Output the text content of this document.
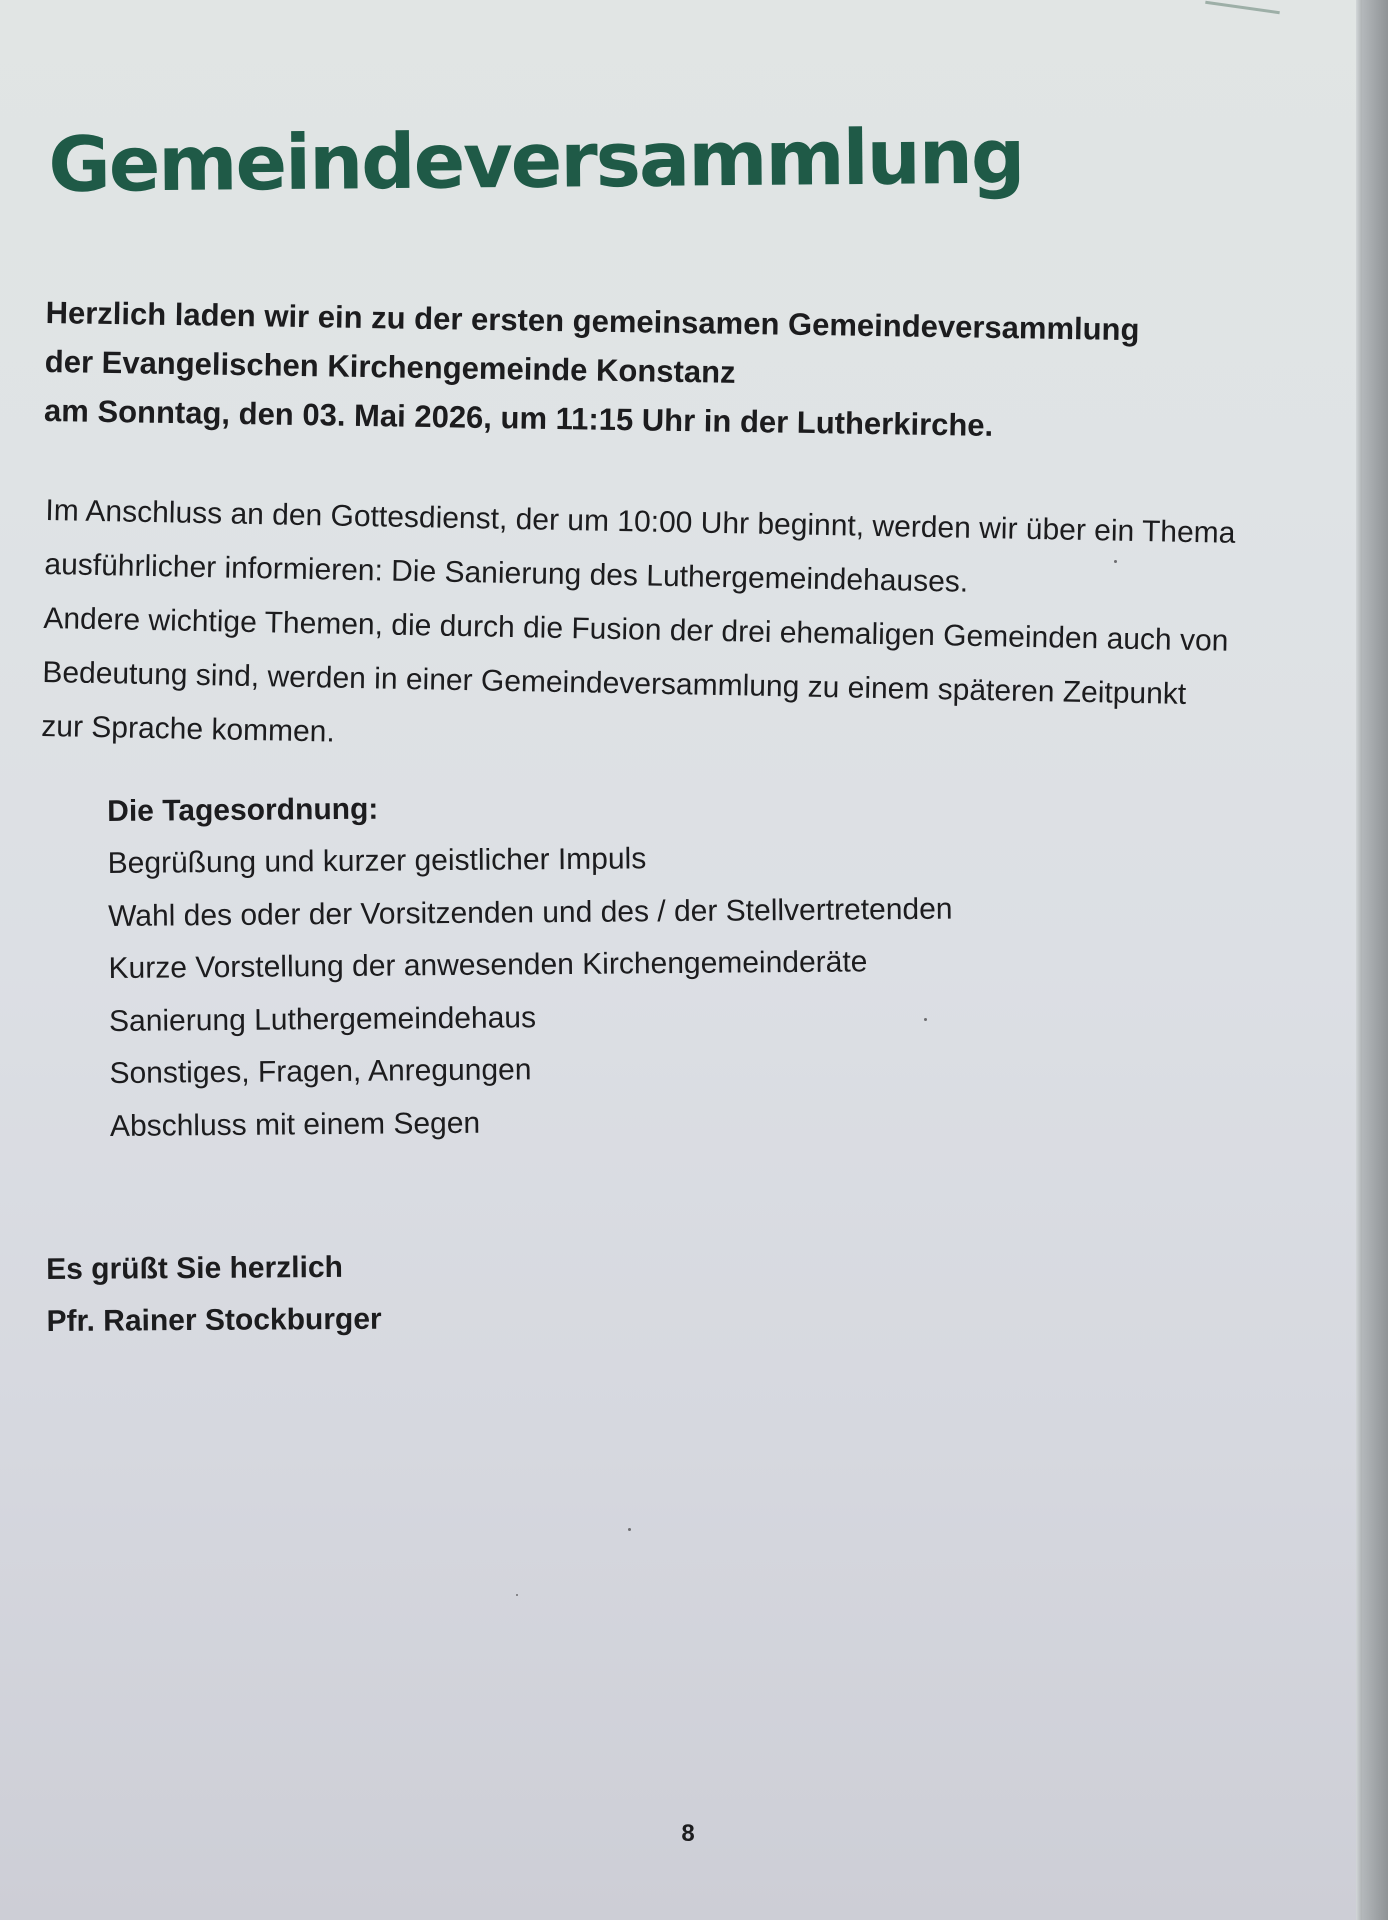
Gemeindeversammlung

Herzlich laden wir ein zu der ersten gemeinsamen Gemeindeversammlung
der Evangelischen Kirchengemeinde Konstanz
am Sonntag, den 03. Mai 2026, um 11:15 Uhr in der Lutherkirche.

Im Anschluss an den Gottesdienst, der um 10:00 Uhr beginnt, werden wir über ein Thema
ausführlicher informieren: Die Sanierung des Luthergemeindehauses.
Andere wichtige Themen, die durch die Fusion der drei ehemaligen Gemeinden auch von
Bedeutung sind, werden in einer Gemeindeversammlung zu einem späteren Zeitpunkt
zur Sprache kommen.

Die Tagesordnung:

Begrüßung und kurzer geistlicher Impuls
Wahl des oder der Vorsitzenden und des / der Stellvertretenden
Kurze Vorstellung der anwesenden Kirchengemeinderäte
Sanierung Luthergemeindehaus
Sonstiges, Fragen, Anregungen
Abschluss mit einem Segen

Es grüßt Sie herzlich
Pfr. Rainer Stockburger

8
